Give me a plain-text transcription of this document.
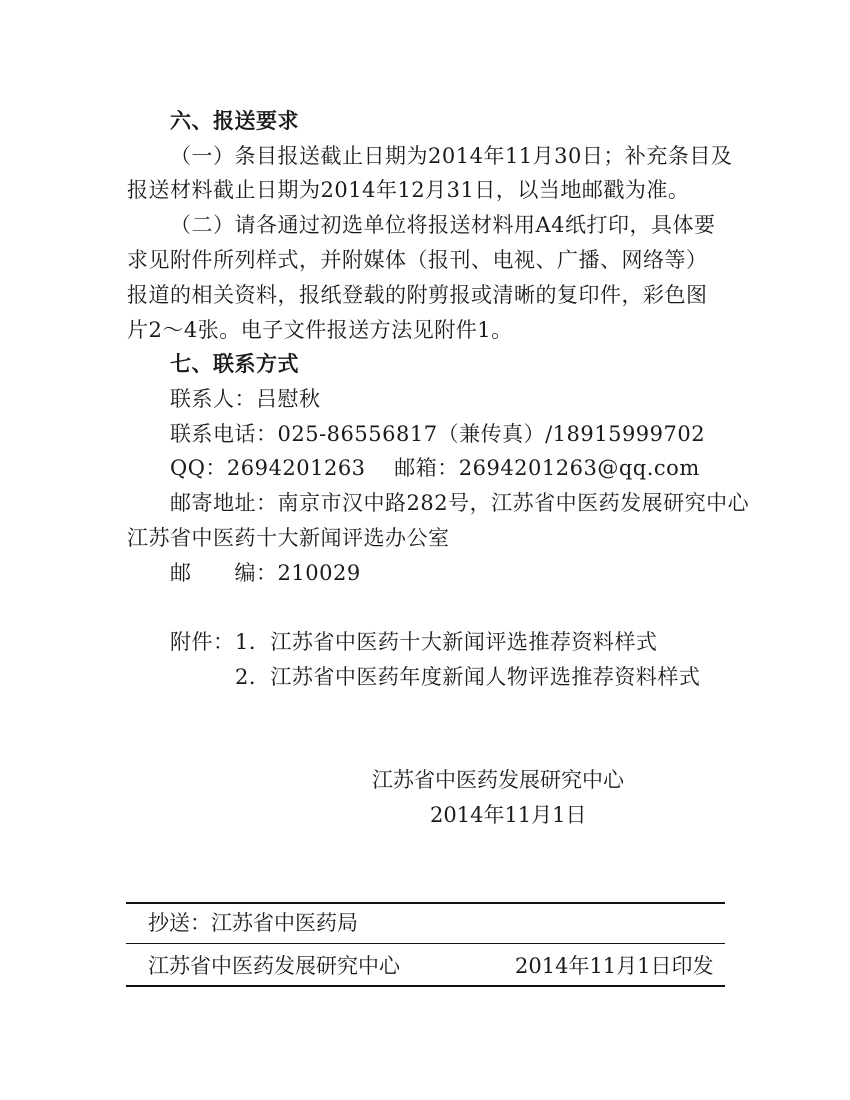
六、报送要求
（一）条目报送截止日期为2014年11月30日；补充条目及
报送材料截止日期为2014年12月31日，以当地邮戳为准。
（二）请各通过初选单位将报送材料用A4纸打印，具体要
求见附件所列样式，并附媒体（报刊、电视、广播、网络等）
报道的相关资料，报纸登载的附剪报或清晰的复印件，彩色图
片2～4张。电子文件报送方法见附件1。
七、联系方式
联系人：吕慰秋
联系电话：025-86556817（兼传真）/18915999702
QQ：2694201263    邮箱：2694201263@qq.com
邮寄地址：南京市汉中路282号，江苏省中医药发展研究中心
江苏省中医药十大新闻评选办公室
邮      编：210029
附件： 1．江苏省中医药十大新闻评选推荐资料样式
2．江苏省中医药年度新闻人物评选推荐资料样式
江苏省中医药发展研究中心
2014年11月1日
抄送：江苏省中医药局
江苏省中医药发展研究中心	2014年11月1日印发
